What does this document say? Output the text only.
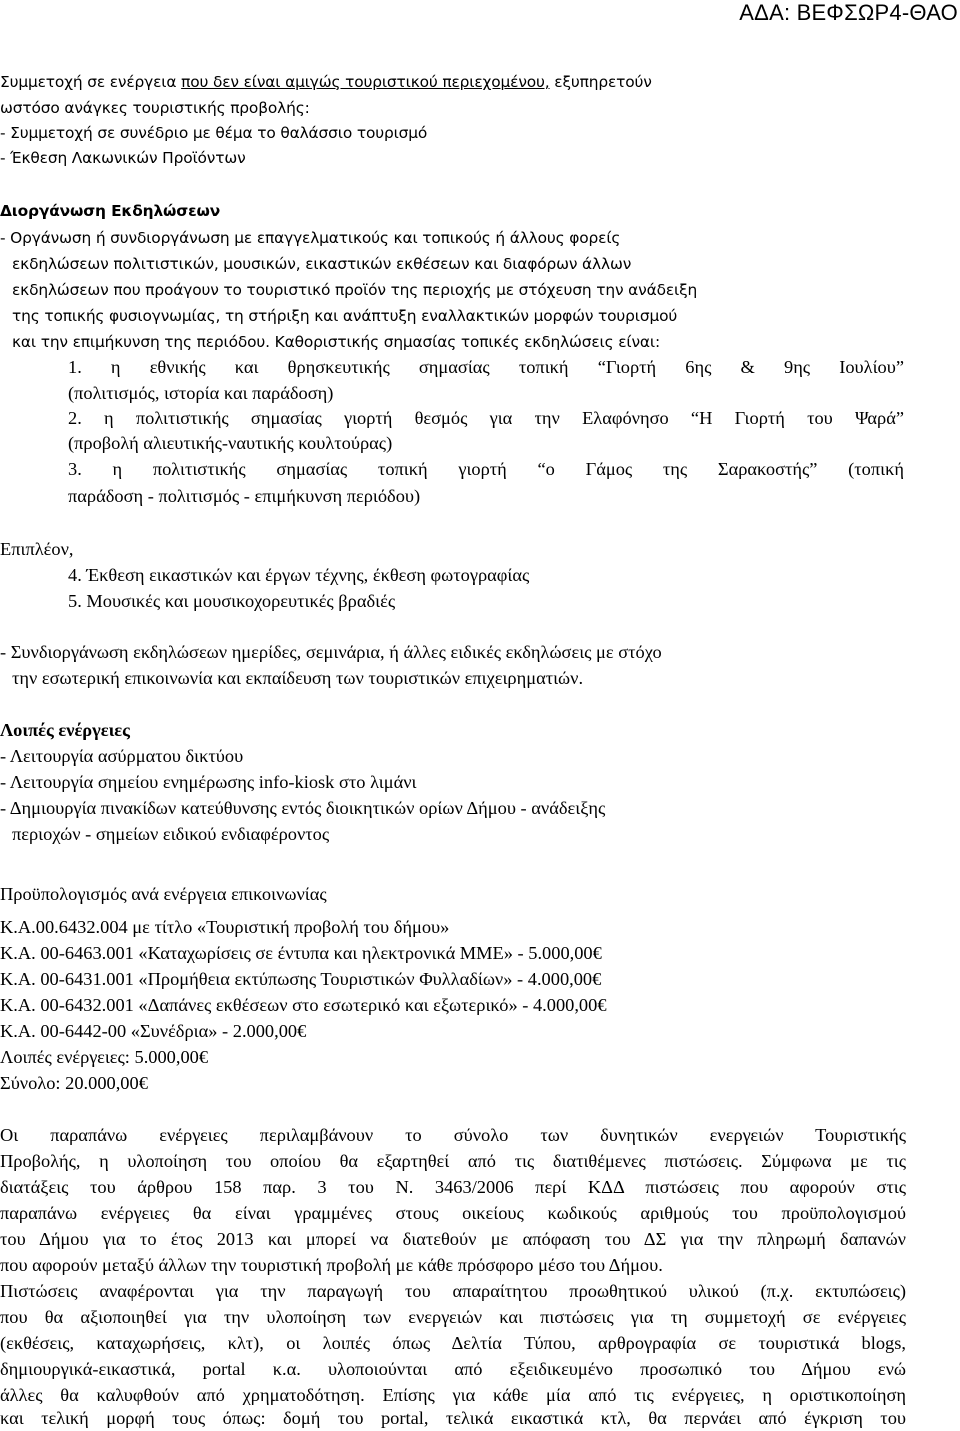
ΑΔΑ: ΒΕΦΣΩΡ4-ΘΑΟ
Συμμετοχή σε ενέργεια που δεν είναι αμιγώς τουριστικού περιεχομένου, εξυπηρετούν
ωστόσο ανάγκες τουριστικής προβολής:
- Συμμετοχή σε συνέδριο με θέμα το θαλάσσιο τουρισμό
- Έκθεση Λακωνικών Προϊόντων
Διοργάνωση Εκδηλώσεων
- Οργάνωση ή συνδιοργάνωση με επαγγελματικούς και τοπικούς ή άλλους φορείς
εκδηλώσεων πολιτιστικών, μουσικών, εικαστικών εκθέσεων και διαφόρων άλλων
εκδηλώσεων που προάγουν το τουριστικό προϊόν της περιοχής με στόχευση την ανάδειξη
της τοπικής φυσιογνωμίας, τη στήριξη και ανάπτυξη εναλλακτικών μορφών τουρισμού
και την επιμήκυνση της περιόδου. Καθοριστικής σημασίας τοπικές εκδηλώσεις είναι:
1. η εθνικής και θρησκευτικής σημασίας τοπική “Γιορτή 6ης & 9ης Ιουλίου”
(πολιτισμός, ιστορία και παράδοση)
2. η πολιτιστικής σημασίας γιορτή θεσμός για την Ελαφόνησο “Η Γιορτή του Ψαρά”
(προβολή αλιευτικής-ναυτικής κουλτούρας)
3. η πολιτιστικής σημασίας τοπική γιορτή “ο Γάμος της Σαρακοστής” (τοπική
παράδοση - πολιτισμός - επιμήκυνση περιόδου)
Επιπλέον,
4. Έκθεση εικαστικών και έργων τέχνης, έκθεση φωτογραφίας
5. Μουσικές και μουσικοχορευτικές βραδιές
- Συνδιοργάνωση εκδηλώσεων ημερίδες, σεμινάρια, ή άλλες ειδικές εκδηλώσεις με στόχο
την εσωτερική επικοινωνία και εκπαίδευση των τουριστικών επιχειρηματιών.
Λοιπές ενέργειες
- Λειτουργία ασύρματου δικτύου
- Λειτουργία σημείου ενημέρωσης info-kiosk στο λιμάνι
- Δημιουργία πινακίδων κατεύθυνσης εντός διοικητικών ορίων Δήμου - ανάδειξης
περιοχών - σημείων ειδικού ενδιαφέροντος
Προϋπολογισμός ανά ενέργεια επικοινωνίας
Κ.Α.00.6432.004 με τίτλο «Τουριστική προβολή του δήμου»
Κ.Α. 00-6463.001 «Καταχωρίσεις σε έντυπα και ηλεκτρονικά ΜΜΕ» - 5.000,00€
Κ.Α. 00-6431.001 «Προμήθεια εκτύπωσης Τουριστικών Φυλλαδίων» - 4.000,00€
Κ.Α. 00-6432.001 «Δαπάνες εκθέσεων στο εσωτερικό και εξωτερικό» - 4.000,00€
Κ.Α. 00-6442-00 «Συνέδρια» - 2.000,00€
Λοιπές ενέργειες: 5.000,00€
Σύνολο: 20.000,00€
Οι παραπάνω ενέργειες περιλαμβάνουν το σύνολο των δυνητικών ενεργειών Τουριστικής
Προβολής, η υλοποίηση του οποίου θα εξαρτηθεί από τις διατιθέμενες πιστώσεις. Σύμφωνα με τις
διατάξεις του άρθρου 158 παρ. 3 του Ν. 3463/2006 περί ΚΔΔ πιστώσεις που αφορούν στις
παραπάνω ενέργειες θα είναι γραμμένες στους οικείους κωδικούς αριθμούς του προϋπολογισμού
του Δήμου για το έτος 2013 και μπορεί να διατεθούν με απόφαση του ΔΣ για την πληρωμή δαπανών
που αφορούν μεταξύ άλλων την τουριστική προβολή με κάθε πρόσφορο μέσο του Δήμου.
Πιστώσεις αναφέρονται για την παραγωγή του απαραίτητου προωθητικού υλικού (π.χ. εκτυπώσεις)
που θα αξιοποιηθεί για την υλοποίηση των ενεργειών και πιστώσεις για τη συμμετοχή σε ενέργειες
(εκθέσεις, καταχωρήσεις, κλτ), οι λοιπές όπως Δελτία Τύπου, αρθρογραφία σε τουριστικά blogs,
δημιουργικά-εικαστικά, portal κ.α. υλοποιούνται από εξειδικευμένο προσωπικό του Δήμου ενώ
άλλες θα καλυφθούν από χρηματοδότηση. Επίσης για κάθε μία από τις ενέργειες, η οριστικοποίηση
και τελική μορφή τους όπως: δομή του portal, τελικά εικαστικά κτλ, θα περνάει από έγκριση του
